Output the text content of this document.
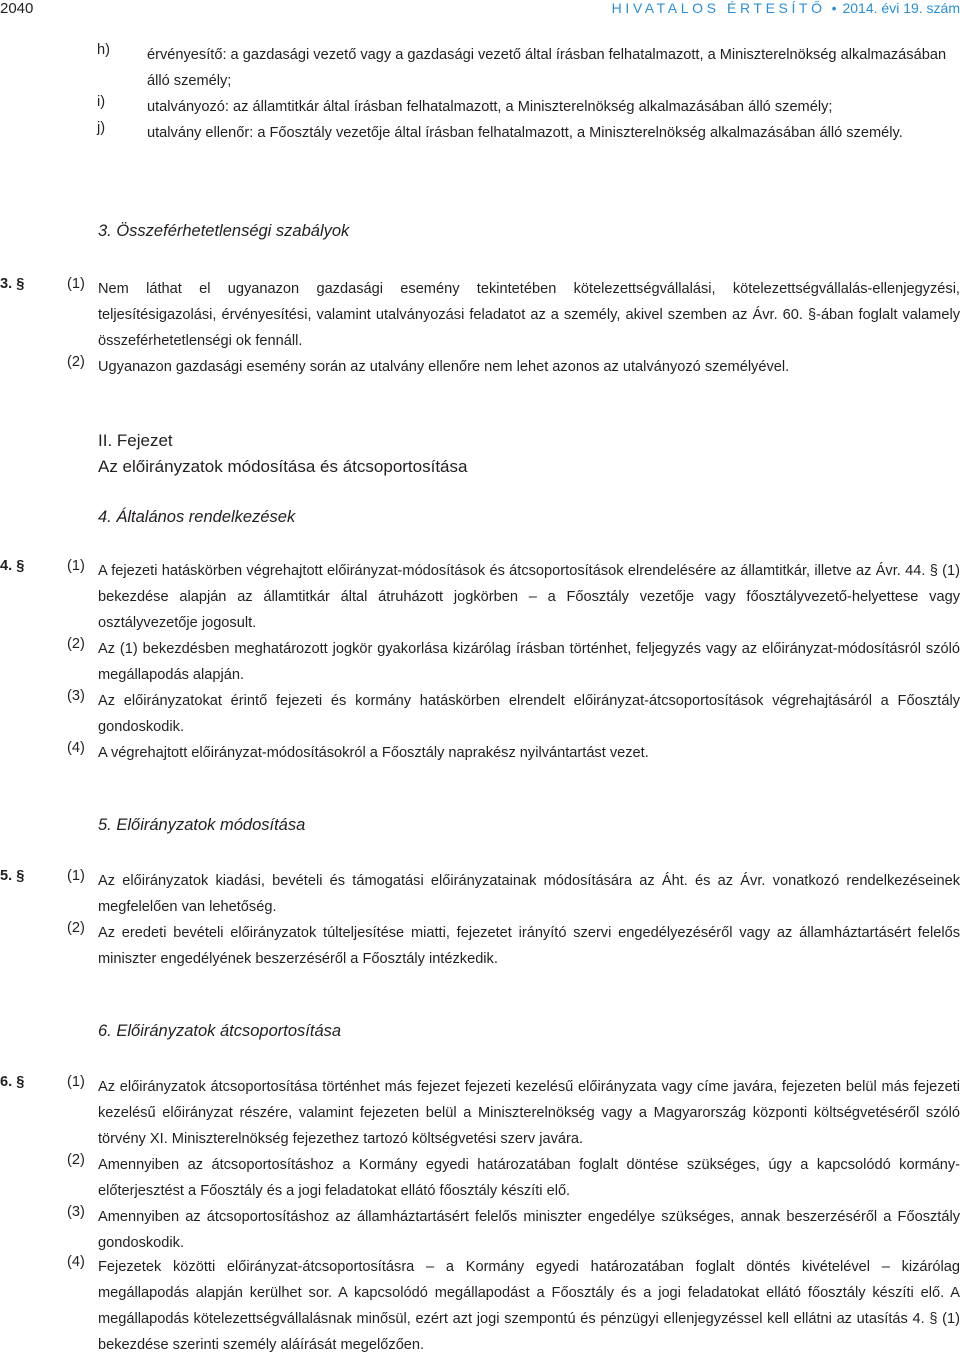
2040	HIVATALOS ÉRTESÍTŐ • 2014. évi 19. szám
h)	érvényesítő: a gazdasági vezető vagy a gazdasági vezető által írásban felhatalmazott, a Miniszterelnökség alkalmazásában álló személy;

i)	utalványozó: az államtitkár által írásban felhatalmazott, a Miniszterelnökség alkalmazásában álló személy;

j)	utalvány ellenőr: a Főosztály vezetője által írásban felhatalmazott, a Miniszterelnökség alkalmazásában álló személy.

3. Összeférhetetlenségi szabályok
3. §	(1) Nem láthat el ugyanazon gazdasági esemény tekintetében kötelezettségvállalási, kötelezettségvállalás-ellenjegyzési, teljesítésigazolási, érvényesítési, valamint utalványozási feladatot az a személy, akivel szemben az Ávr. 60. §-ában foglalt valamely összeférhetetlenségi ok fennáll.

(2) Ugyanazon gazdasági esemény során az utalvány ellenőre nem lehet azonos az utalványozó személyével.

II. Fejezet
Az előirányzatok módosítása és átcsoportosítása
4. Általános rendelkezések
4. §	(1) A fejezeti hatáskörben végrehajtott előirányzat-módosítások és átcsoportosítások elrendelésére az államtitkár, illetve az Ávr. 44. § (1) bekezdése alapján az államtitkár által átruházott jogkörben – a Főosztály vezetője vagy főosztályvezető-helyettese vagy osztályvezetője jogosult.

(2) Az (1) bekezdésben meghatározott jogkör gyakorlása kizárólag írásban történhet, feljegyzés vagy az előirányzat-módosításról szóló megállapodás alapján.

(3) Az előirányzatokat érintő fejezeti és kormány hatáskörben elrendelt előirányzat-átcsoportosítások végrehajtásáról a Főosztály gondoskodik.

(4) A végrehajtott előirányzat-módosításokról a Főosztály naprakész nyilvántartást vezet.

5. Előirányzatok módosítása
5. §	(1) Az előirányzatok kiadási, bevételi és támogatási előirányzatainak módosítására az Áht. és az Ávr. vonatkozó rendelkezéseinek megfelelően van lehetőség.

(2) Az eredeti bevételi előirányzatok túlteljesítése miatti, fejezetet irányító szervi engedélyezéséről vagy az államháztartásért felelős miniszter engedélyének beszerzéséről a Főosztály intézkedik.

6. Előirányzatok átcsoportosítása
6. §	(1) Az előirányzatok átcsoportosítása történhet más fejezet fejezeti kezelésű előirányzata vagy címe javára, fejezeten belül más fejezeti kezelésű előirányzat részére, valamint fejezeten belül a Miniszterelnökség vagy a Magyarország központi költségvetéséről szóló törvény XI. Miniszterelnökség fejezethez tartozó költségvetési szerv javára.

(2) Amennyiben az átcsoportosításhoz a Kormány egyedi határozatában foglalt döntése szükséges, úgy a kapcsolódó kormány-előterjesztést a Főosztály és a jogi feladatokat ellátó főosztály készíti elő.

(3) Amennyiben az átcsoportosításhoz az államháztartásért felelős miniszter engedélye szükséges, annak beszerzéséről a Főosztály gondoskodik.

(4) Fejezetek közötti előirányzat-átcsoportosításra – a Kormány egyedi határozatában foglalt döntés kivételével – kizárólag megállapodás alapján kerülhet sor. A kapcsolódó megállapodást a Főosztály és a jogi feladatokat ellátó főosztály készíti elő. A megállapodás kötelezettségvállalásnak minősül, ezért azt jogi szempontú és pénzügyi ellenjegyzéssel kell ellátni az utasítás 4. § (1) bekezdése szerinti személy aláírását megelőzően.
